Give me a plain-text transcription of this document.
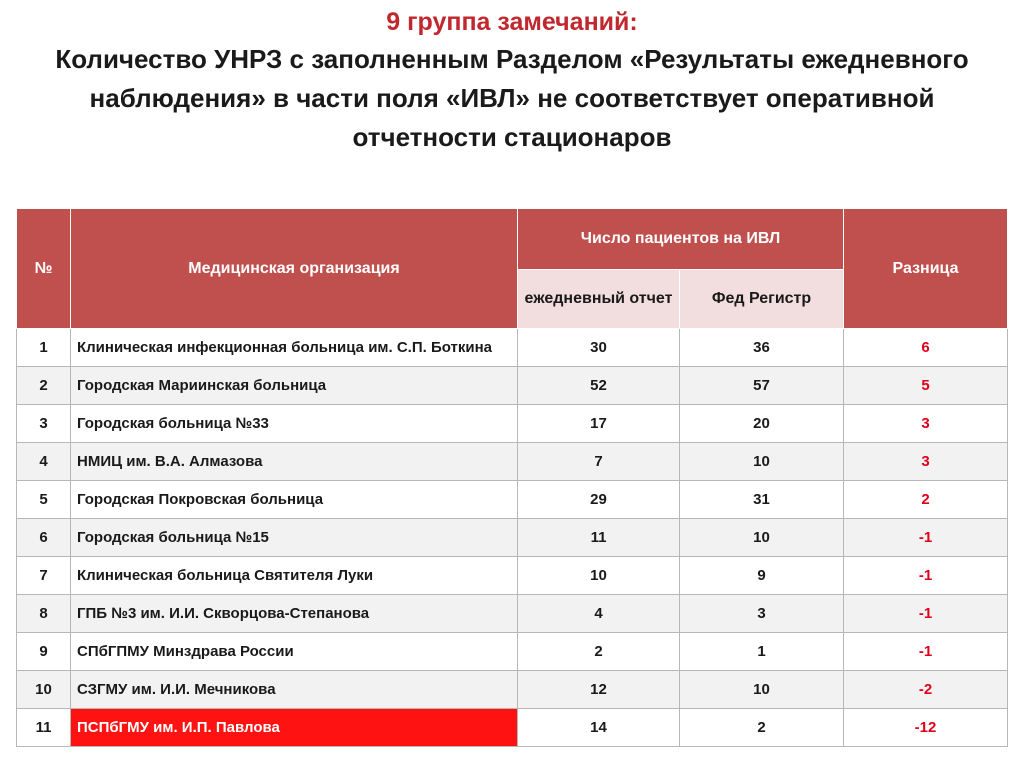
9 группа замечаний:
Количество УНРЗ с заполненным Разделом «Результаты ежедневного наблюдения» в части поля «ИВЛ» не соответствует оперативной отчетности стационаров
№	Медицинская организация	Число пациентов на ИВЛ		Разница
		ежедневный отчет	Фед Регистр	
1	Клиническая инфекционная больница им. С.П. Боткина	30	36	6
2	Городская Мариинская больница	52	57	5
3	Городская больница №33	17	20	3
4	НМИЦ им. В.А. Алмазова	7	10	3
5	Городская Покровская больница	29	31	2
6	Городская больница №15	11	10	-1
7	Клиническая больница Святителя Луки	10	9	-1
8	ГПБ №3 им. И.И. Скворцова-Степанова	4	3	-1
9	СПбГПМУ Минздрава России	2	1	-1
10	СЗГМУ им. И.И. Мечникова	12	10	-2
11	ПСПбГМУ им. И.П. Павлова	14	2	-12
